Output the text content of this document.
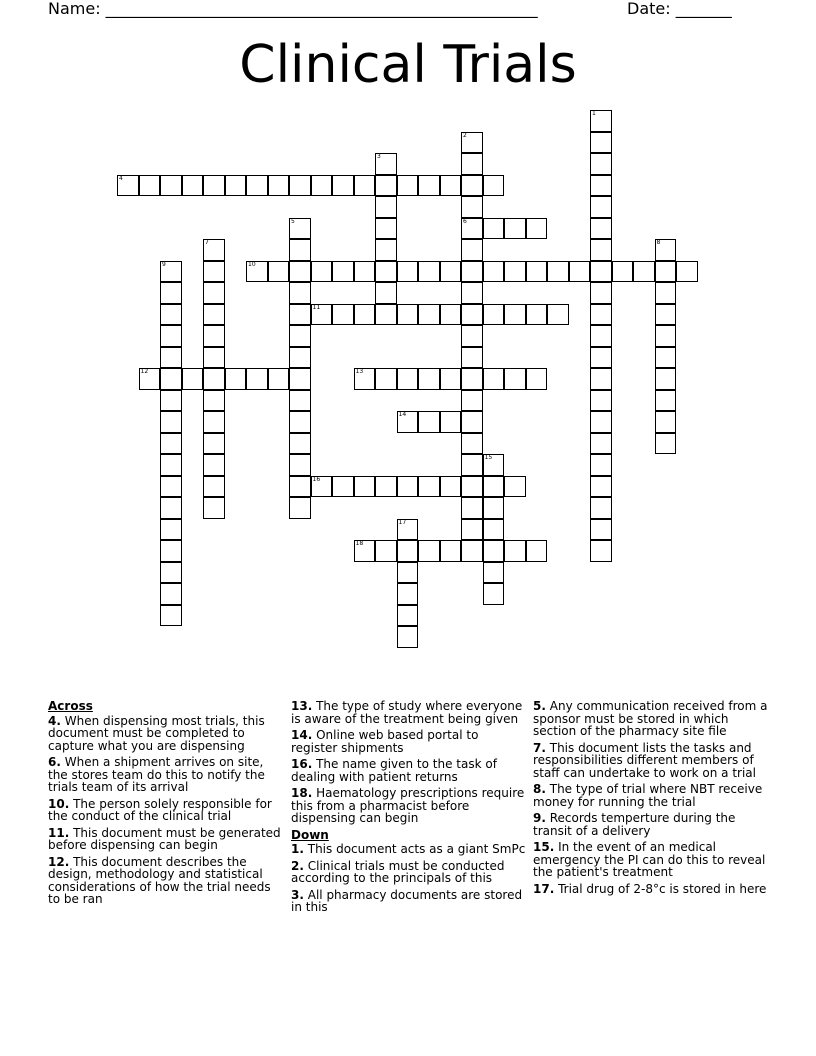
Name: ______________________________________________________	Date: _______
Clinical Trials
1
2
6
3
4
5
7	8
9	10
11
12	13
14
15
16
17
18
Across
4. When dispensing most trials, this document must be completed to capture what you are dispensing
6. When a shipment arrives on site, the stores team do this to notify the trials team of its arrival
10. The person solely responsible for the conduct of the clinical trial
11. This document must be generated before dispensing can begin
12. This document describes the design, methodology and statistical considerations of how the trial needs to be ran
13. The type of study where everyone is aware of the treatment being given
14. Online web based portal to register shipments
16. The name given to the task of dealing with patient returns
18. Haematology prescriptions require this from a pharmacist before dispensing can begin
Down
1. This document acts as a giant SmPc
2. Clinical trials must be conducted according to the principals of this
3. All pharmacy documents are stored in this
5. Any communication received from a sponsor must be stored in which section of the pharmacy site file
7. This document lists the tasks and responsibilities different members of staff can undertake to work on a trial
8. The type of trial where NBT receive money for running the trial
9. Records temperture during the transit of a delivery
15. In the event of an medical emergency the PI can do this to reveal the patient's treatment
17. Trial drug of 2-8°c is stored in here
